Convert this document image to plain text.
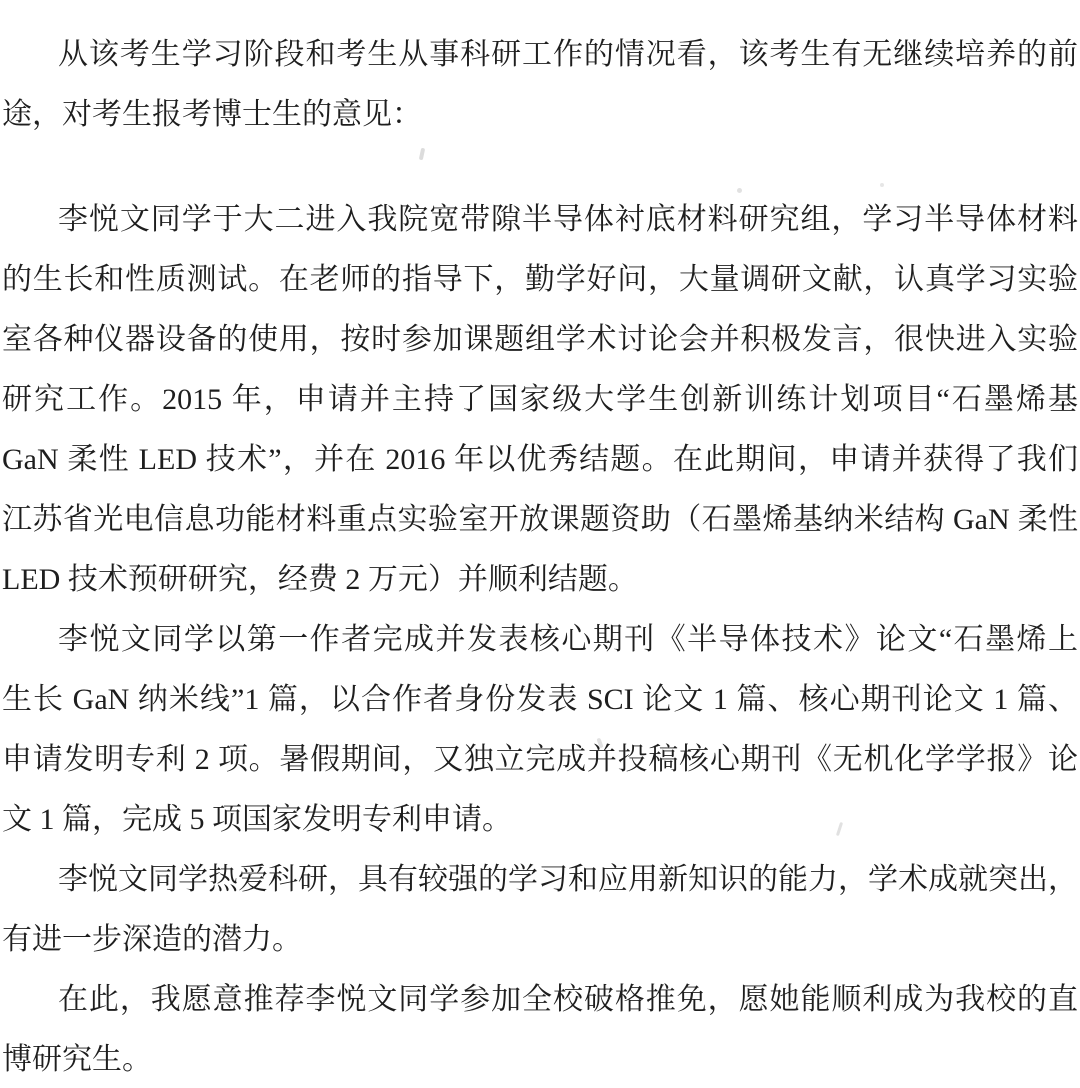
从该考生学习阶段和考生从事科研工作的情况看，该考生有无继续培养的前
途，对考生报考博士生的意见：
李悦文同学于大二进入我院宽带隙半导体衬底材料研究组，学习半导体材料
的生长和性质测试。在老师的指导下，勤学好问，大量调研文献，认真学习实验
室各种仪器设备的使用，按时参加课题组学术讨论会并积极发言，很快进入实验
研究工作。2015 年，申请并主持了国家级大学生创新训练计划项目“石墨烯基
GaN 柔性 LED 技术”，并在 2016 年以优秀结题。在此期间，申请并获得了我们
江苏省光电信息功能材料重点实验室开放课题资助（石墨烯基纳米结构 GaN 柔性
LED 技术预研研究，经费 2 万元）并顺利结题。
李悦文同学以第一作者完成并发表核心期刊《半导体技术》论文“石墨烯上
生长 GaN 纳米线”1 篇，以合作者身份发表 SCI 论文 1 篇、核心期刊论文 1 篇、
申请发明专利 2 项。暑假期间，又独立完成并投稿核心期刊《无机化学学报》论
文 1 篇，完成 5 项国家发明专利申请。
李悦文同学热爱科研，具有较强的学习和应用新知识的能力，学术成就突出，
有进一步深造的潜力。
在此，我愿意推荐李悦文同学参加全校破格推免，愿她能顺利成为我校的直
博研究生。
